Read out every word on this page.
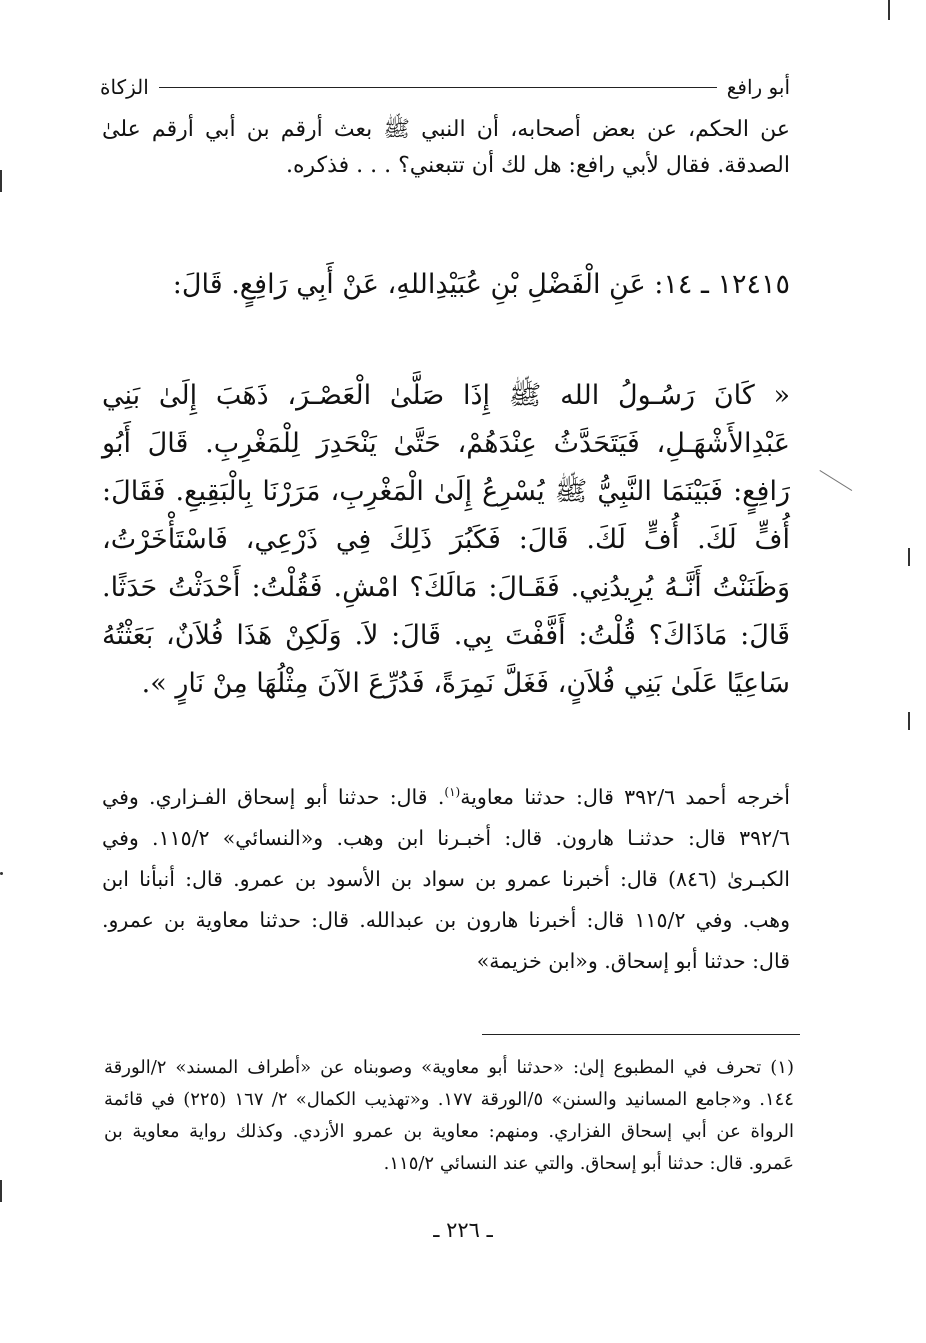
الزكاة	أبو رافع
عن الحكم، عن بعض أصحابه، أن النبي ﷺ بعث أرقم بن أبي أرقم علىٰ الصدقة. فقال لأبي رافع: هل لك أن تتبعني؟ . . . فذكره.
١٢٤١٥ ـ ١٤: عَنِ الْفَضْلِ بْنِ عُبَيْدِاللهِ، عَنْ أَبِي رَافِعٍ. قَالَ:
« كَانَ رَسُـولُ الله ﷺ إِذَا صَلَّىٰ الْعَصْـرَ، ذَهَبَ إِلَىٰ بَنِي عَبْدِالأَشْهَـلِ، فَيَتَحَدَّثُ عِنْدَهُمْ، حَتَّىٰ يَنْحَدِرَ لِلْمَغْرِبِ. قَالَ أَبُو رَافِعٍ: فَبَيْنَمَا النَّبِيُّ ﷺ يُسْرِعُ إِلَىٰ الْمَغْرِبِ، مَرَرْنَا بِالْبَقِيعِ. فَقَالَ: أُفٍّ لَكَ. أُفٍّ لَكَ. قَالَ: فَكَبُرَ ذَلِكَ فِي ذَرْعِي، فَاسْتَأْخَرْتُ، وَظَنَنْتُ أَنَّـهُ يُرِيدُنِي. فَقَـالَ: مَالَكَ؟ امْشِ. فَقُلْتُ: أَحْدَثْتُ حَدَثًا. قَالَ: مَاذَاكَ؟ قُلْتُ: أَفَّفْتَ بِي. قَالَ: لاَ. وَلَكِنْ هَذَا فُلاَنٌ، بَعَثْتُهُ سَاعِيًا عَلَىٰ بَنِي فُلاَنٍ، فَغَلَّ نَمِرَةً، فَدُرِّعَ الآنَ مِثْلُهَا مِنْ نَارٍ ».
أخرجه أحمد ٣٩٢/٦ قال: حدثنا معاوية$^{(١)}$. قال: حدثنا أبو إسحاق الفـزاري. وفي ٣٩٢/٦ قال: حدثنـا هارون. قال: أخبـرنا ابن وهب. و«النسائي» ١١٥/٢. وفي الكبـرىٰ (٨٤٦) قال: أخبرنا عمرو بن سواد بن الأسود بن عمرو. قال: أنبأنا ابن وهب. وفي ١١٥/٢ قال: أخبرنا هارون بن عبدالله. قال: حدثنا معاوية بن عمرو. قال: حدثنا أبو إسحاق. و«ابن خزيمة»
(١) تحرف في المطبوع إلىٰ: «حدثنا أبو معاوية» وصوبناه عن «أطراف المسند» ٢/الورقة ١٤٤. و«جامع المسانيد والسنن» ٥/الورقة ١٧٧. و«تهذيب الكمال» ٢/ ١٦٧ (٢٢٥) في قائمة الرواة عن أبي إسحاق الفزاري. ومنهم: معاوية بن عمرو الأزدي. وكذلك رواية معاوية بن عَمرو. قال: حدثنا أبو إسحاق. والتي عند النسائي ١١٥/٢.
ـ ٢٢٦ ـ
